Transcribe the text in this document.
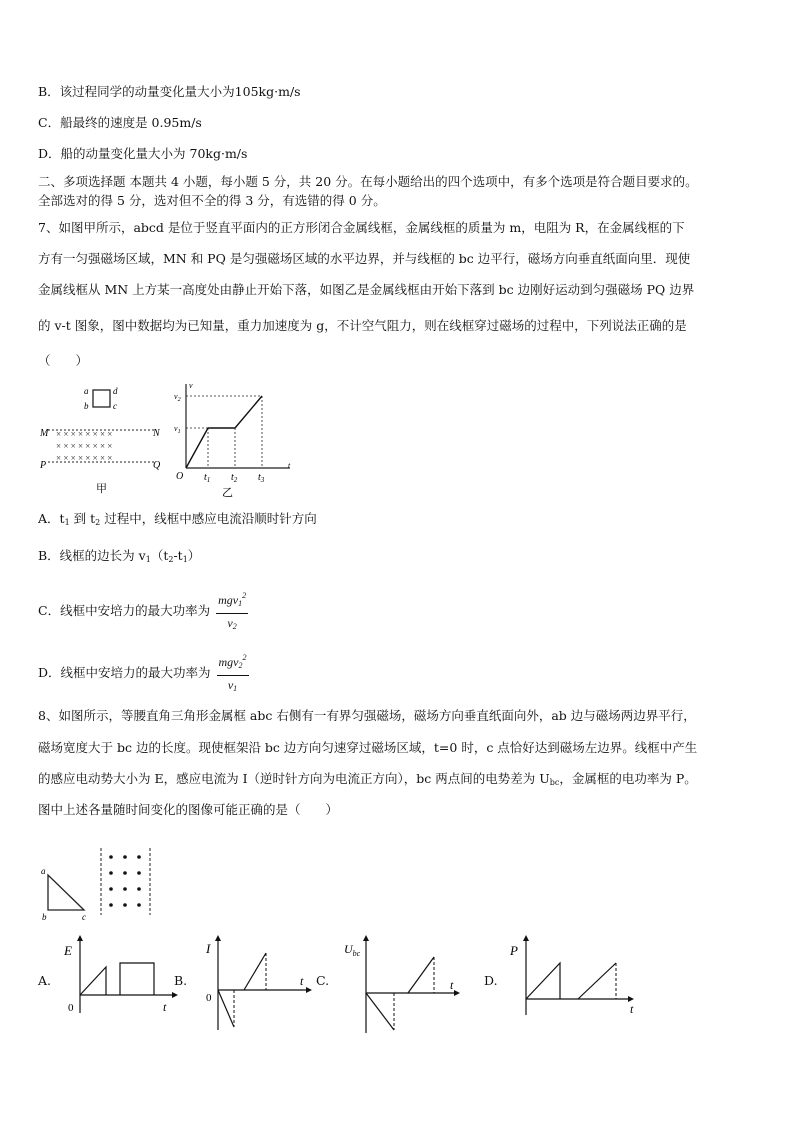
B．该过程同学的动量变化量大小为105kg·m/s
C．船最终的速度是 0.95m/s
D．船的动量变化量大小为 70kg·m/s
二、多项选择题 本题共 4 小题，每小题 5 分，共 20 分。在每小题给出的四个选项中，有多个选项是符合题目要求的。
全部选对的得 5 分，选对但不全的得 3 分，有选错的得 0 分。
7、如图甲所示，abcd 是位于竖直平面内的正方形闭合金属线框，金属线框的质量为 m，电阻为 R，在金属线框的下
方有一匀强磁场区域，MN 和 PQ 是匀强磁场区域的水平边界，并与线框的 bc 边平行，磁场方向垂直纸面向里．现使
金属线框从 MN 上方某一高度处由静止开始下落，如图乙是金属线框由开始下落到 bc 边刚好运动到匀强磁场 PQ 边界
的 v-t 图象，图中数据均为已知量，重力加速度为 g，不计空气阻力，则在线框穿过磁场的过程中，下列说法正确的是
（　　）
a
b	c
d
M	N
P	Q
× × × × × × × ×
× × × × × × × ×
× × × × × × × ×
甲
v
t
O
$v_1$
$v_2$
$t_1$ $t_2$ $t_3$
乙
A．$t_1$ 到 $t_2$ 过程中，线框中感应电流沿顺时针方向
B．线框的边长为 $v_1(t_2-t_1)$
C．线框中安培力的最大功率为 $\frac{mgv_1^2}{v_2}$
D．线框中安培力的最大功率为 $\frac{mgv_2^2}{v_1}$
8、如图所示，等腰直角三角形金属框 abc 右侧有一有界匀强磁场，磁场方向垂直纸面向外，ab 边与磁场两边界平行，
磁场宽度大于 bc 边的长度。现使框架沿 bc 边方向匀速穿过磁场区域，t=0 时，c 点恰好达到磁场左边界。线框中产生
的感应电动势大小为 E，感应电流为 I（逆时针方向为电流正方向），bc 两点间的电势差为 $U_{bc}$，金属框的电功率为 P。
图中上述各量随时间变化的图像可能正确的是（　　）
a
b	c
A.
E
t
0
B.
I
t
0
C.
$U_{bc}$
t D.
P
t
